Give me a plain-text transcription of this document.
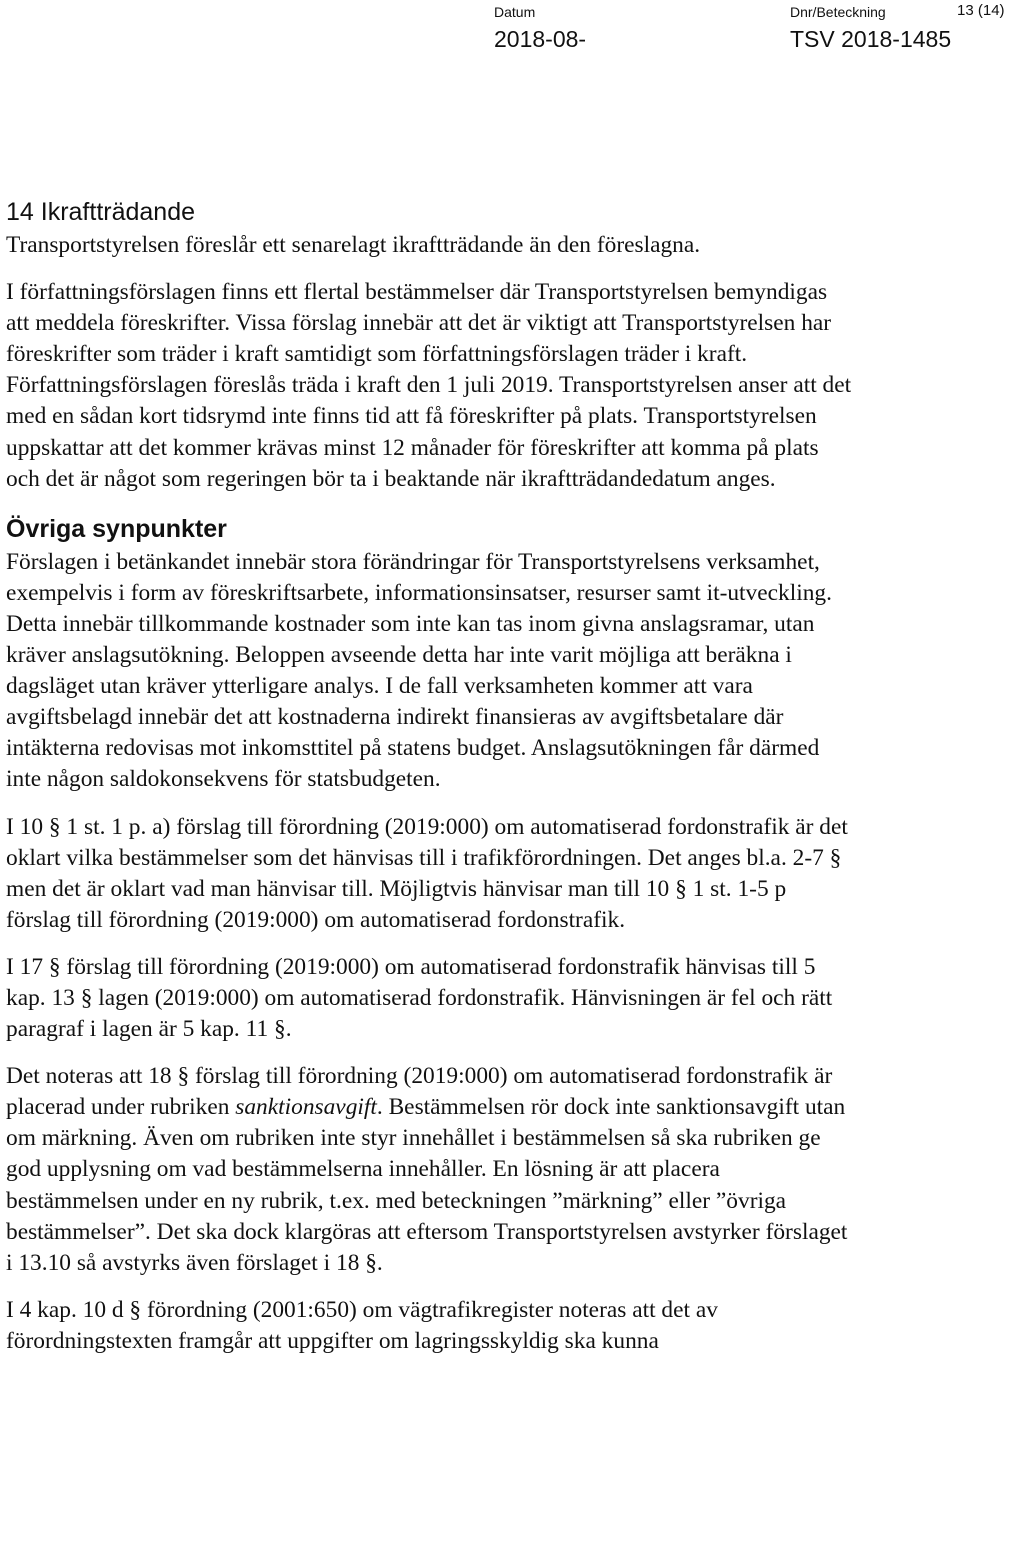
Datum
2018-08-
Dnr/Beteckning
TSV 2018-1485
13 (14)
14 Ikraftträdande

Transportstyrelsen föreslår ett senarelagt ikraftträdande än den föreslagna.

I författningsförslagen finns ett flertal bestämmelser där Transportstyrelsen bemyndigas att meddela föreskrifter. Vissa förslag innebär att det är viktigt att Transportstyrelsen har föreskrifter som träder i kraft samtidigt som författningsförslagen träder i kraft. Författningsförslagen föreslås träda i kraft den 1 juli 2019. Transportstyrelsen anser att det med en sådan kort tidsrymd inte finns tid att få föreskrifter på plats. Transportstyrelsen uppskattar att det kommer krävas minst 12 månader för föreskrifter att komma på plats och det är något som regeringen bör ta i beaktande när ikraftträdandedatum anges.

Övriga synpunkter

Förslagen i betänkandet innebär stora förändringar för Transportstyrelsens verksamhet, exempelvis i form av föreskriftsarbete, informationsinsatser, resurser samt it-utveckling. Detta innebär tillkommande kostnader som inte kan tas inom givna anslagsramar, utan kräver anslagsutökning. Beloppen avseende detta har inte varit möjliga att beräkna i dagsläget utan kräver ytterligare analys. I de fall verksamheten kommer att vara avgiftsbelagd innebär det att kostnaderna indirekt finansieras av avgiftsbetalare där intäkterna redovisas mot inkomsttitel på statens budget. Anslagsutökningen får därmed inte någon saldokonsekvens för statsbudgeten.

I 10 § 1 st. 1 p. a) förslag till förordning (2019:000) om automatiserad fordonstrafik är det oklart vilka bestämmelser som det hänvisas till i trafikförordningen. Det anges bl.a. 2-7 § men det är oklart vad man hänvisar till. Möjligtvis hänvisar man till 10 § 1 st. 1-5 p förslag till förordning (2019:000) om automatiserad fordonstrafik.

I 17 § förslag till förordning (2019:000) om automatiserad fordonstrafik hänvisas till 5 kap. 13 § lagen (2019:000) om automatiserad fordonstrafik. Hänvisningen är fel och rätt paragraf i lagen är 5 kap. 11 §.

Det noteras att 18 § förslag till förordning (2019:000) om automatiserad fordonstrafik är placerad under rubriken sanktionsavgift. Bestämmelsen rör dock inte sanktionsavgift utan om märkning. Även om rubriken inte styr innehållet i bestämmelsen så ska rubriken ge god upplysning om vad bestämmelserna innehåller. En lösning är att placera bestämmelsen under en ny rubrik, t.ex. med beteckningen ”märkning” eller ”övriga bestämmelser”. Det ska dock klargöras att eftersom Transportstyrelsen avstyrker förslaget i 13.10 så avstyrks även förslaget i 18 §.

I 4 kap. 10 d § förordning (2001:650) om vägtrafikregister noteras att det av förordningstexten framgår att uppgifter om lagringsskyldig ska kunna
